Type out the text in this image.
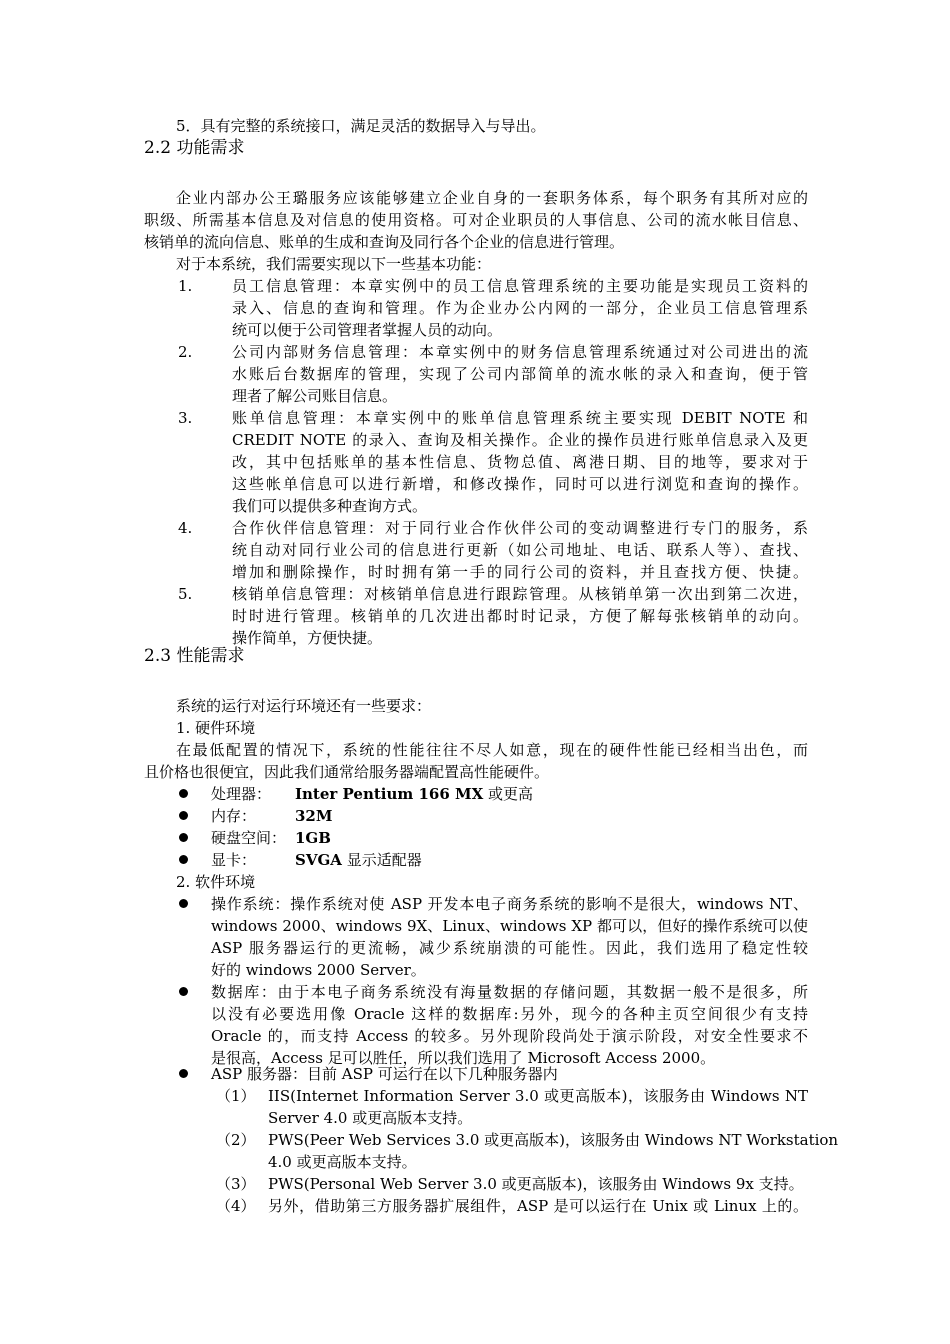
5．具有完整的系统接口，满足灵活的数据导入与导出。
2.2 功能需求
企业内部办公王璐服务应该能够建立企业自身的一套职务体系，每个职务有其所对应的
职级、所需基本信息及对信息的使用资格。可对企业职员的人事信息、公司的流水帐目信息、
核销单的流向信息、账单的生成和查询及同行各个企业的信息进行管理。
对于本系统，我们需要实现以下一些基本功能：
1.	员工信息管理：本章实例中的员工信息管理系统的主要功能是实现员工资料的
录入、信息的查询和管理。作为企业办公内网的一部分，企业员工信息管理系
统可以便于公司管理者掌握人员的动向。
2.	公司内部财务信息管理：本章实例中的财务信息管理系统通过对公司进出的流
水账后台数据库的管理，实现了公司内部简单的流水帐的录入和查询，便于管
理者了解公司账目信息。
3.	账单信息管理：本章实例中的账单信息管理系统主要实现 DEBIT NOTE 和
CREDIT NOTE 的录入、查询及相关操作。企业的操作员进行账单信息录入及更
改，其中包括账单的基本性信息、货物总值、离港日期、目的地等，要求对于
这些帐单信息可以进行新增，和修改操作，同时可以进行浏览和查询的操作。
我们可以提供多种查询方式。
4.	合作伙伴信息管理：对于同行业合作伙伴公司的变动调整进行专门的服务，系
统自动对同行业公司的信息进行更新（如公司地址、电话、联系人等）、查找、
增加和删除操作，时时拥有第一手的同行公司的资料，并且查找方便、快捷。
5.	核销单信息管理：对核销单信息进行跟踪管理。从核销单第一次出到第二次进，
时时进行管理。核销单的几次进出都时时记录，方便了解每张核销单的动向。
操作简单，方便快捷。
2.3 性能需求
系统的运行对运行环境还有一些要求：
1. 硬件环境
在最低配置的情况下，系统的性能往往不尽人如意，现在的硬件性能已经相当出色，而
且价格也很便宜，因此我们通常给服务器端配置高性能硬件。
处理器： Inter Pentium 166 MX 或更高
内存：	32M
硬盘空间： 1GB
显卡：	SVGA 显示适配器
2. 软件环境
操作系统：操作系统对使 ASP 开发本电子商务系统的影响不是很大，windows NT、
windows 2000、windows 9X、Linux、windows XP 都可以，但好的操作系统可以使
ASP 服务器运行的更流畅，减少系统崩溃的可能性。因此，我们选用了稳定性较
好的 windows 2000 Server。
数据库：由于本电子商务系统没有海量数据的存储问题，其数据一般不是很多，所
以没有必要选用像 Oracle 这样的数据库:另外，现今的各种主页空间很少有支持
Oracle 的，而支持 Access 的较多。另外现阶段尚处于演示阶段，对安全性要求不
是很高，Access 足可以胜任，所以我们选用了 Microsoft Access 2000。
ASP 服务器：目前 ASP 可运行在以下几种服务器内
（1） IIS(Internet Information Server 3.0 或更高版本)，该服务由 Windows NT
Server 4.0 或更高版本支持。
（2） PWS(Peer Web Services 3.0 或更高版本)，该服务由 Windows NT Workstation
4.0 或更高版本支持。
（3） PWS(Personal Web Server 3.0 或更高版本)，该服务由 Windows 9x 支持。
（4） 另外，借助第三方服务器扩展组件，ASP 是可以运行在 Unix 或 Linux 上的。
